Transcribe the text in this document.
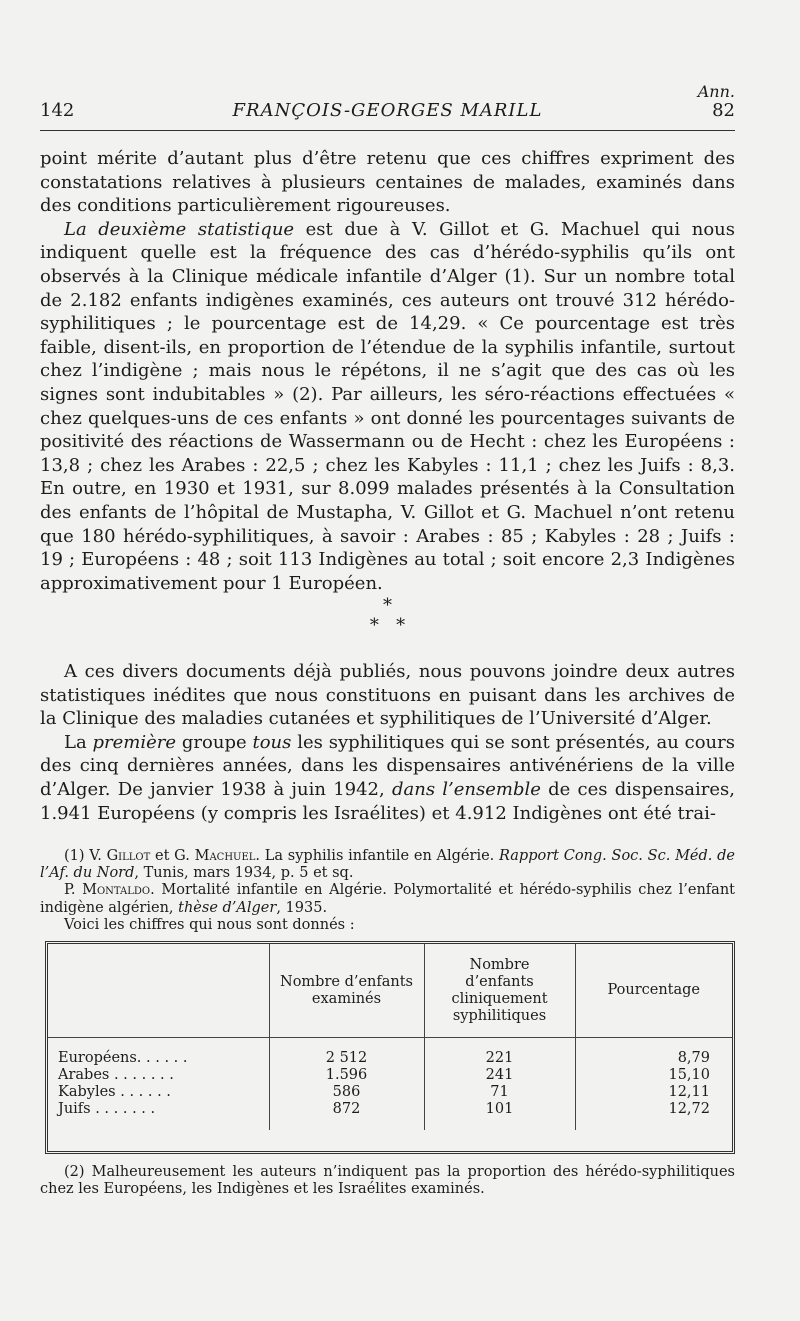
Ann.
142	FRANÇOIS-GEORGES MARILL	82

point mérite d’autant plus d’être retenu que ces chiffres expriment des constatations relatives à plusieurs centaines de malades, examinés dans des conditions particulièrement rigoureuses.

La deuxième statistique est due à V. Gillot et G. Machuel qui nous indiquent quelle est la fréquence des cas d’hérédo-syphilis qu’ils ont observés à la Clinique médicale infantile d’Alger (1). Sur un nombre total de 2.182 enfants indigènes examinés, ces auteurs ont trouvé 312 hérédo-syphilitiques ; le pourcentage est de 14,29. « Ce pourcentage est très faible, disent-ils, en proportion de l’étendue de la syphilis infantile, surtout chez l’indigène ; mais nous le répétons, il ne s’agit que des cas où les signes sont indubitables » (2). Par ailleurs, les séro-réactions effectuées « chez quelques-uns de ces enfants » ont donné les pourcentages suivants de positivité des réactions de Wassermann ou de Hecht : chez les Européens : 13,8 ; chez les Arabes : 22,5 ; chez les Kabyles : 11,1 ; chez les Juifs : 8,3. En outre, en 1930 et 1931, sur 8.099 malades présentés à la Consultation des enfants de l’hôpital de Mustapha, V. Gillot et G. Machuel n’ont retenu que 180 hérédo-syphilitiques, à savoir : Arabes : 85 ; Kabyles : 28 ; Juifs : 19 ; Européens : 48 ; soit 113 Indigènes au total ; soit encore 2,3 Indigènes approximativement pour 1 Européen.

*
*   *

A ces divers documents déjà publiés, nous pouvons joindre deux autres statistiques inédites que nous constituons en puisant dans les archives de la Clinique des maladies cutanées et syphilitiques de l’Université d’Alger.

La première groupe tous les syphilitiques qui se sont présentés, au cours des cinq dernières années, dans les dispensaires antivénériens de la ville d’Alger. De janvier 1938 à juin 1942, dans l’ensemble de ces dispensaires, 1.941 Européens (y compris les Israélites) et 4.912 Indigènes ont été trai-

(1) V. Gillot et G. Machuel. La syphilis infantile en Algérie. Rapport Cong. Soc. Sc. Méd. de l’Af. du Nord, Tunis, mars 1934, p. 5 et sq.

P. Montaldo. Mortalité infantile en Algérie. Polymortalité et hérédo-syphilis chez l’enfant indigène algérien, thèse d’Alger, 1935.

Voici les chiffres qui nous sont donnés :

	Nombre d’enfants examinés	Nombre d’enfants cliniquement syphilitiques	Pourcentage

Européens. . . . . .	2 512	221	8,79
Arabes . . . . . . .	1.596	241	15,10
Kabyles . . . . . .	586	71	12,11
Juifs . . . . . . .	872	101	12,72

(2) Malheureusement les auteurs n’indiquent pas la proportion des hérédo-syphilitiques chez les Européens, les Indigènes et les Israélites examinés.
